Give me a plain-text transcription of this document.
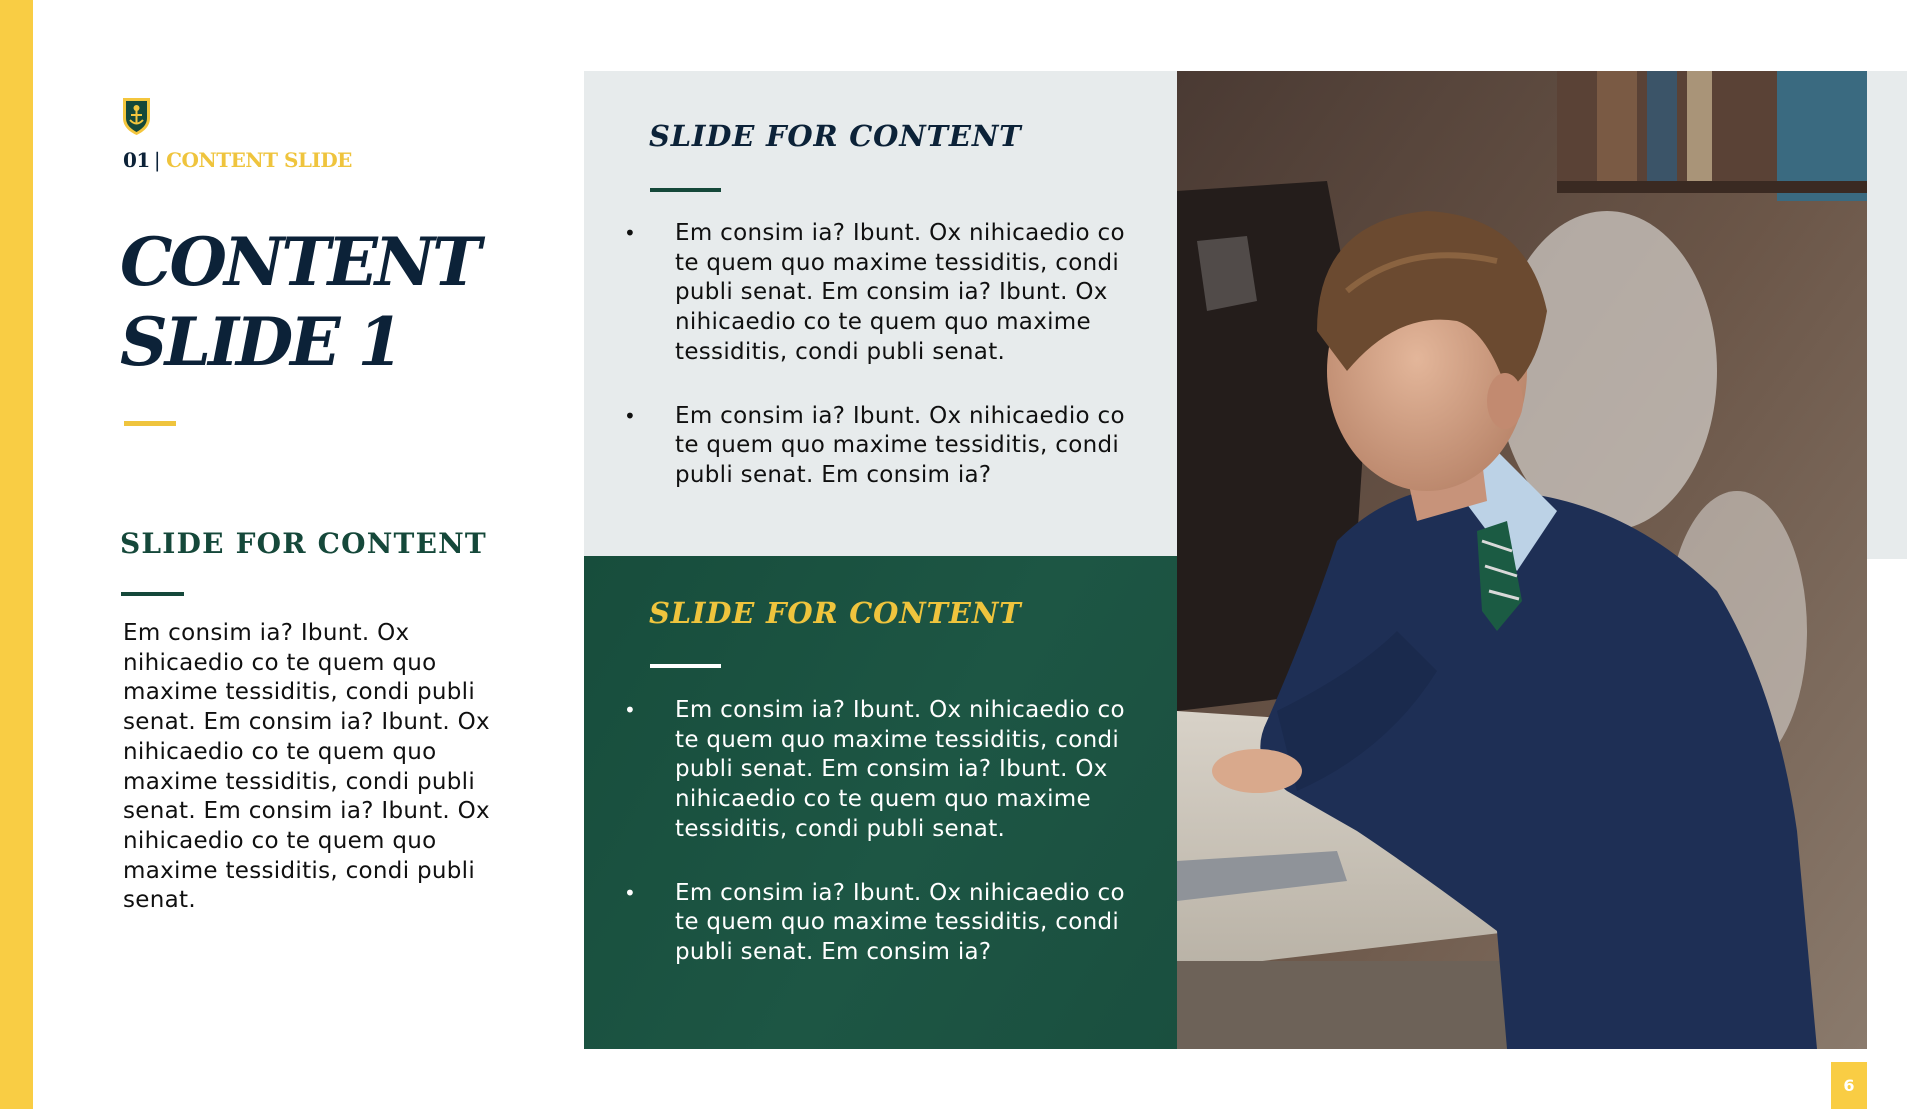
01 | CONTENT SLIDE
CONTENT
SLIDE 1
SLIDE FOR CONTENT

Em consim ia? Ibunt. Ox nihicaedio co te quem quo maxime tessiditis, condi publi senat. Em consim ia? Ibunt. Ox nihicaedio co te quem quo maxime tessiditis, condi publi senat. Em consim ia? Ibunt. Ox nihicaedio co te quem quo maxime tessiditis, condi publi senat.

SLIDE FOR CONTENT
• Em consim ia? Ibunt. Ox nihicaedio co te quem quo maxime tessiditis, condi publi senat. Em consim ia? Ibunt. Ox nihicaedio co te quem quo maxime tessiditis, condi publi senat.
• Em consim ia? Ibunt. Ox nihicaedio co te quem quo maxime tessiditis, condi publi senat. Em consim ia?
SLIDE FOR CONTENT
• Em consim ia? Ibunt. Ox nihicaedio co te quem quo maxime tessiditis, condi publi senat. Em consim ia? Ibunt. Ox nihicaedio co te quem quo maxime tessiditis, condi publi senat.
• Em consim ia? Ibunt. Ox nihicaedio co te quem quo maxime tessiditis, condi publi senat. Em consim ia?
6
